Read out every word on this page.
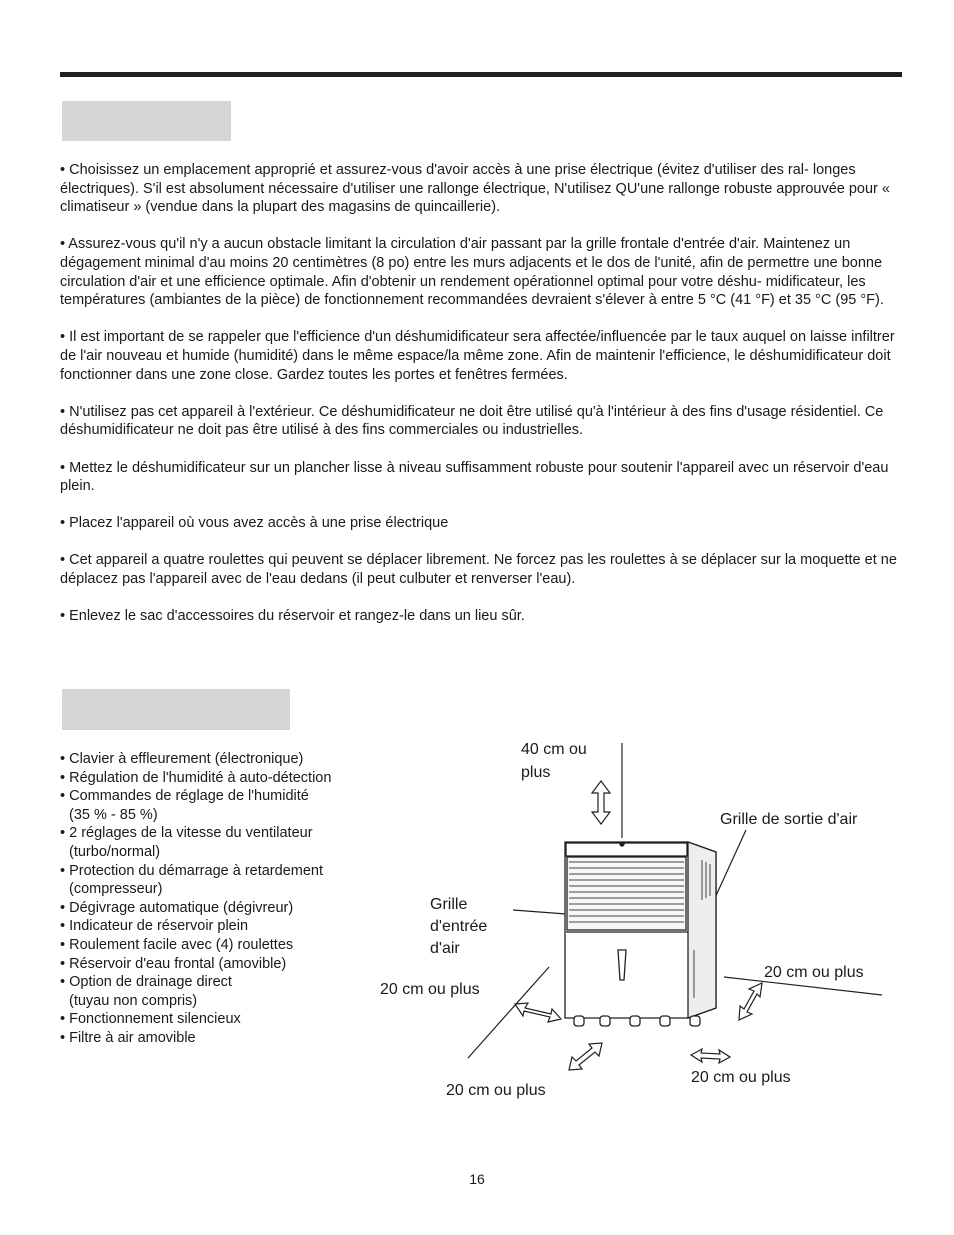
• Choisissez un emplacement approprié et assurez-vous d'avoir accès à une prise électrique (évitez d'utiliser des ral- longes électriques). S'il est absolument nécessaire d'utiliser une rallonge électrique, N'utilisez QU'une rallonge robuste approuvée pour « climatiseur » (vendue dans la plupart des magasins de quincaillerie).

• Assurez-vous qu'il n'y a aucun obstacle limitant la circulation d'air passant par la grille frontale d'entrée d'air. Maintenez un dégagement minimal d'au moins 20 centimètres (8 po) entre les murs adjacents et le dos de l'unité, afin de permettre une bonne circulation d'air et une efficience optimale. Afin d'obtenir un rendement opérationnel optimal pour votre déshu- midificateur, les températures (ambiantes de la pièce) de fonctionnement recommandées devraient s'élever à entre 5 °C (41 °F) et 35 °C (95 °F).

• Il est important de se rappeler que l'efficience d'un déshumidificateur sera affectée/influencée par le taux auquel on laisse infiltrer de l'air nouveau et humide (humidité) dans le même espace/la même zone. Afin de maintenir l'efficience, le déshumidificateur doit fonctionner dans une zone close. Gardez toutes les portes et fenêtres fermées.

• N'utilisez pas cet appareil à l'extérieur. Ce déshumidificateur ne doit être utilisé qu'à l'intérieur à des fins d'usage résidentiel. Ce déshumidificateur ne doit pas être utilisé à des fins commerciales ou industrielles.

• Mettez le déshumidificateur sur un plancher lisse à niveau suffisamment robuste pour soutenir l'appareil avec un réservoir d'eau plein.

• Placez l'appareil où vous avez accès à une prise électrique

• Cet appareil a quatre roulettes qui peuvent se déplacer librement. Ne forcez pas les roulettes à se déplacer sur la moquette et ne déplacez pas l'appareil avec de l'eau dedans (il peut culbuter et renverser l'eau).

• Enlevez le sac d'accessoires du réservoir et rangez-le dans un lieu sûr.

• Clavier à effleurement (électronique)
• Régulation de l'humidité à auto-détection
• Commandes de réglage de l'humidité
(35 % - 85 %)
• 2 réglages de la vitesse du ventilateur
(turbo/normal)
• Protection du démarrage à retardement
(compresseur)
• Dégivrage automatique (dégivreur)
• Indicateur de réservoir plein
• Roulement facile avec (4) roulettes
• Réservoir d'eau frontal (amovible)
• Option de drainage direct
(tuyau non compris)
• Fonctionnement silencieux
• Filtre à air amovible
40 cm ou
plus
Grille de sortie d'air
Grille
d'entrée
d'air
20 cm ou plus
20 cm ou plus
20 cm ou plus
20 cm ou plus
16
